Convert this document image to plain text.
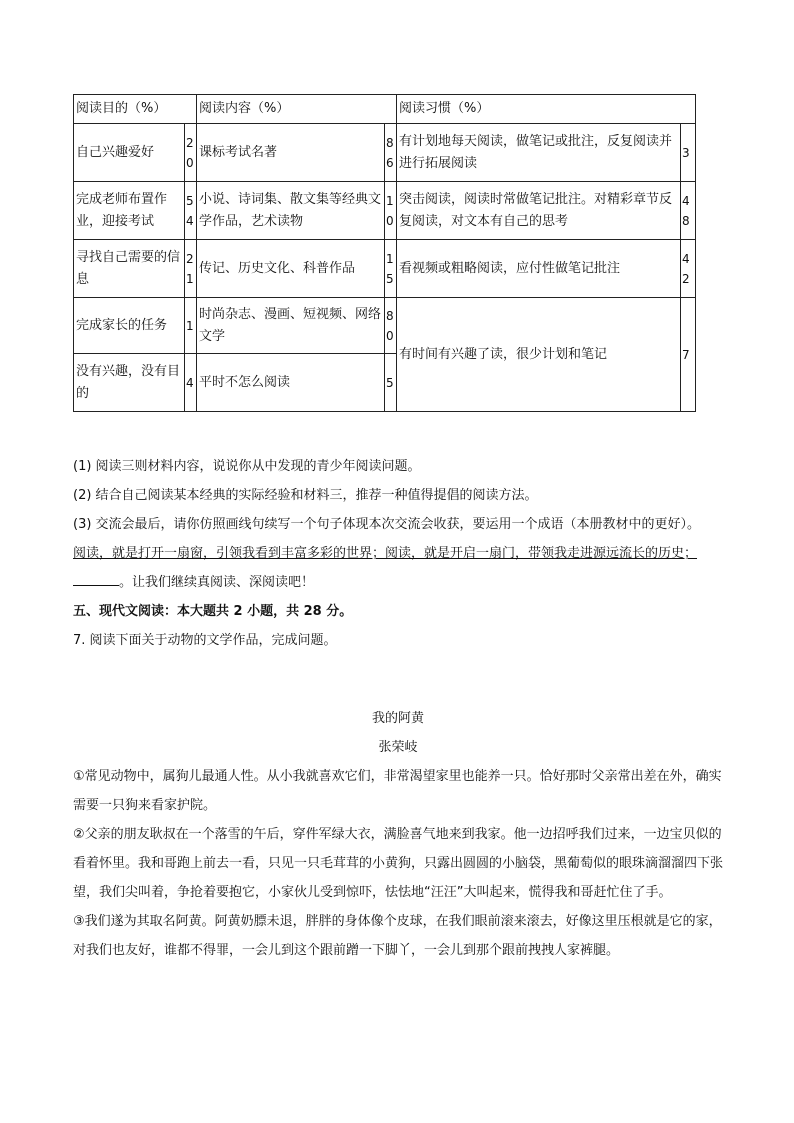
阅读目的（%）		阅读内容（%）		阅读习惯（%）	
自己兴趣爱好	20	课标考试名著	86	有计划地每天阅读，做笔记或批注，反复阅读并进行拓展阅读	3
完成老师布置作业，迎接考试	54	小说、诗词集、散文集等经典文学作品，艺术读物	10	突击阅读，阅读时常做笔记批注。对精彩章节反复阅读，对文本有自己的思考	48
寻找自己需要的信息	21	传记、历史文化、科普作品	15	看视频或粗略阅读，应付性做笔记批注	42
完成家长的任务	1	时尚杂志、漫画、短视频、网络文学	80	有时间有兴趣了读，很少计划和笔记	7
没有兴趣，没有目的	4	平时不怎么阅读	5		

(1) 阅读三则材料内容，说说你从中发现的青少年阅读问题。

(2) 结合自己阅读某本经典的实际经验和材料三，推荐一种值得提倡的阅读方法。

(3) 交流会最后，请你仿照画线句续写一个句子体现本次交流会收获，要运用一个成语（本册教材中的更好）。

阅读，就是打开一扇窗，引领我看到丰富多彩的世界；阅读，就是开启一扇门，带领我走进源远流长的历史；。让我们继续真阅读、深阅读吧！

五、现代文阅读：本大题共 2 小题，共 28 分。

7. 阅读下面关于动物的文学作品，完成问题。

我的阿黄

张荣岐

①常见动物中，属狗儿最通人性。从小我就喜欢它们，非常渴望家里也能养一只。恰好那时父亲常出差在外，确实需要一只狗来看家护院。

②父亲的朋友耿叔在一个落雪的午后，穿件军绿大衣，满脸喜气地来到我家。他一边招呼我们过来，一边宝贝似的看着怀里。我和哥跑上前去一看，只见一只毛茸茸的小黄狗，只露出圆圆的小脑袋，黑葡萄似的眼珠滴溜溜四下张望，我们尖叫着，争抢着要抱它，小家伙儿受到惊吓，怯怯地“汪汪”大叫起来，慌得我和哥赶忙住了手。

③我们遂为其取名阿黄。阿黄奶膘未退，胖胖的身体像个皮球，在我们眼前滚来滚去，好像这里压根就是它的家，对我们也友好，谁都不得罪，一会儿到这个跟前蹭一下脚丫，一会儿到那个跟前拽拽人家裤腿。
